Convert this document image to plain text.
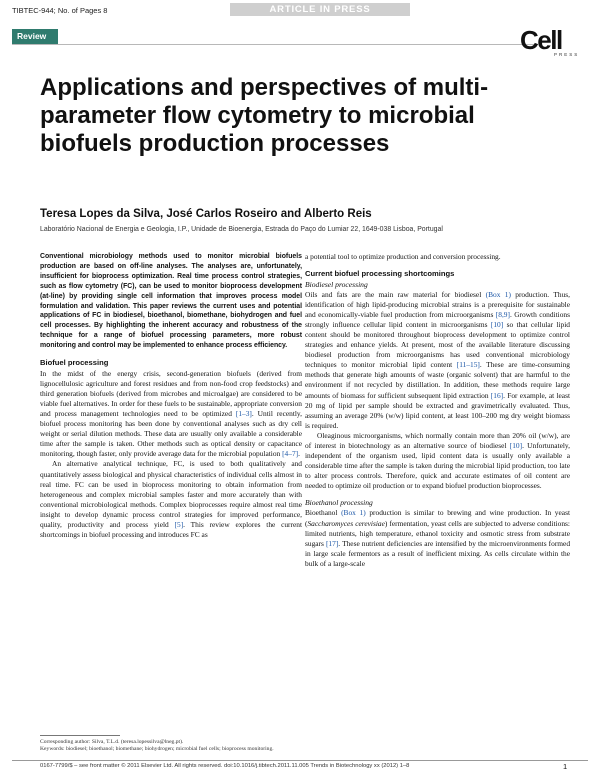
TIBTEC-944; No. of Pages 8	ARTICLE IN PRESS
Review	Cell
PRESS
Applications and perspectives of multi-parameter flow cytometry to microbial biofuels production processes
Teresa Lopes da Silva, José Carlos Roseiro and Alberto Reis
Laboratório Nacional de Energia e Geologia, I.P., Unidade de Bioenergia, Estrada do Paço do Lumiar 22, 1649-038 Lisboa, Portugal

Conventional microbiology methods used to monitor microbial biofuels production are based on off-line analyses. The analyses are, unfortunately, insufficient for bioprocess optimization. Real time process control strategies, such as flow cytometry (FC), can be used to monitor bioprocess development (at-line) by providing single cell information that improves process model formulation and validation. This paper reviews the current uses and potential applications of FC in biodiesel, bioethanol, biomethane, biohydrogen and fuel cell processes. By highlighting the inherent accuracy and robustness of the technique for a range of biofuel processing parameters, more robust monitoring and control may be implemented to enhance process efficiency.

Biofuel processing

In the midst of the energy crisis, second-generation biofuels (derived from lignocellulosic agriculture and forest residues and from non-food crop feedstocks) and third generation biofuels (derived from microbes and microalgae) are considered to be viable fuel alternatives. In order for these fuels to be sustainable, appropriate conversion and process management technologies need to be optimized [1–3]. Until recently, biofuel process monitoring has been done by conventional analyses such as dry cell weight or serial dilution methods. These data are usually only available a considerable time after the sample is taken. Other methods such as optical density or capacitance monitoring, though faster, only provide average data for the microbial population [4–7].

An alternative analytical technique, FC, is used to both qualitatively and quantitatively assess biological and physical characteristics of individual cells almost in real time. FC can be used in bioprocess monitoring to obtain information from heterogeneous and complex microbial samples faster and more accurately than with conventional microbiological methods. Complex bioprocesses require almost real time insight to develop dynamic process control strategies for improved performance, quality, productivity and process yield [5]. This review explores the current shortcomings in biofuel processing and introduces FC as

a potential tool to optimize production and conversion processing.

Current biofuel processing shortcomings
Biodiesel processing

Oils and fats are the main raw material for biodiesel (Box 1) production. Thus, identification of high lipid-producing microbial strains is a prerequisite for sustainable and economically-viable fuel production from microorganisms [8,9]. Growth conditions strongly influence cellular lipid content in microorganisms [10] so that cellular lipid content should be monitored throughout bioprocess development to optimize control strategies and enhance yields. At present, most of the available literature discussing biodiesel production from microorganisms has used conventional microbiology techniques to monitor microbial lipid content [11–15]. These are time-consuming methods that generate high amounts of waste (organic solvent) that are harmful to the environment if not recycled by distillation. In addition, these methods require large amounts of biomass for sufficient subsequent lipid extraction [16]. For example, at least 20 mg of lipid per sample should be extracted and gravimetrically evaluated. Thus, assuming an average 20% (w/w) lipid content, at least 100–200 mg dry weight biomass is required.

Oleaginous microorganisms, which normally contain more than 20% oil (w/w), are of interest in biotechnology as an alternative source of biodiesel [10]. Unfortunately, independent of the organism used, lipid content data is usually only available a considerable time after the sample is taken during the microbial lipid production, too late to alter process controls. Therefore, quick and accurate estimates of oil content are needed to optimize oil production or to expand biofuel production bioprocesses.

Bioethanol processing

Bioethanol (Box 1) production is similar to brewing and wine production. In yeast (Saccharomyces cerevisiae) fermentation, yeast cells are subjected to adverse conditions: limited nutrients, high temperature, ethanol toxicity and osmotic stress from substrate sugars [17]. These nutrient deficiencies are intensified by the microenvironments formed in large scale fermentors as a result of inefficient mixing. As cells circulate within the bulk of a large-scale

Corresponding author: Silva, T.L.d. (teresa.lopessilva@lneg.pt).
Keywords: biodiesel; bioethanol; biomethane; biohydrogen; microbial fuel cells; bioprocess monitoring.
0167-7799/$ – see front matter © 2011 Elsevier Ltd. All rights reserved. doi:10.1016/j.tibtech.2011.11.005 Trends in Biotechnology xx (2012) 1–8	1
